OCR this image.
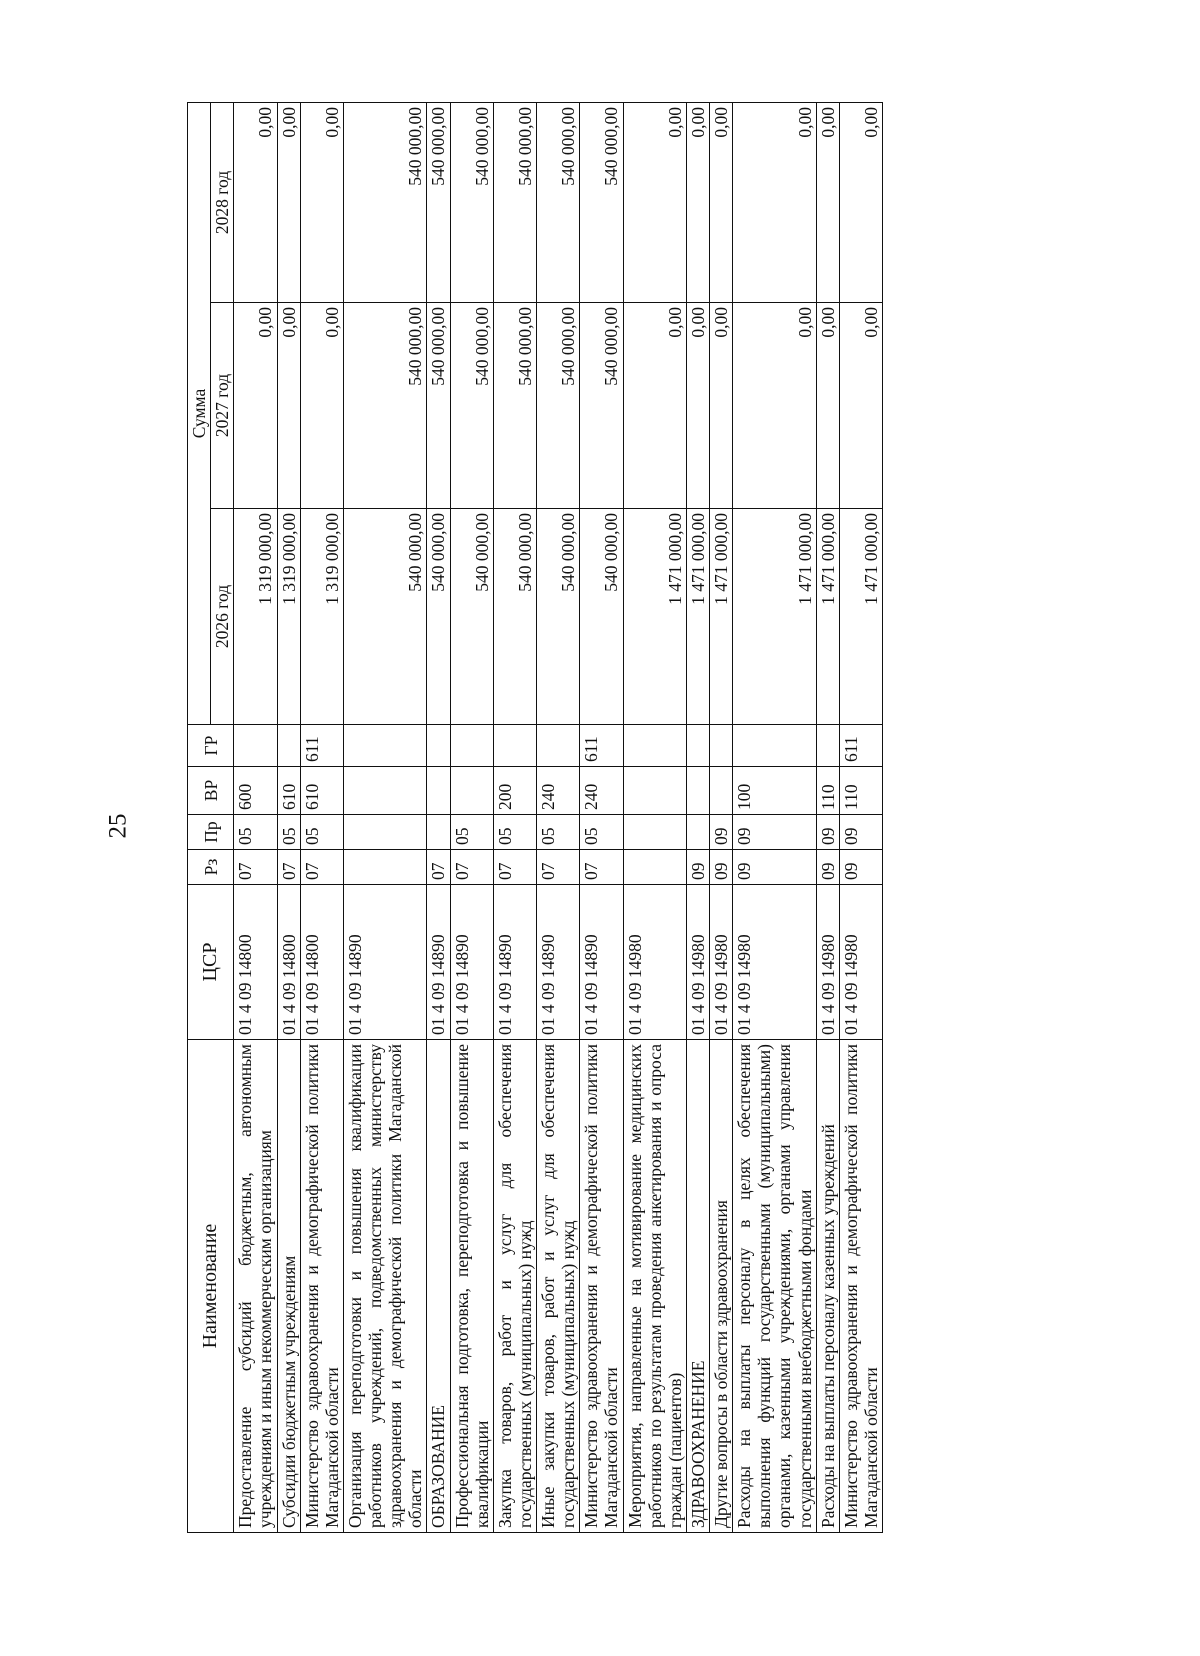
25
Наименование	ЦСР	Рз	Пр	ВР	ГР	Сумма		
						2026 год	2027 год	2028 год
Предоставление субсидий бюджетным, автономным учреждениям и иным некоммерческим организациям	01 4 09 14800	07	05	600		1 319 000,00	0,00	0,00
Субсидии бюджетным учреждениям	01 4 09 14800	07	05	610		1 319 000,00	0,00	0,00
Министерство здравоохранения и демографической политики Магаданской области	01 4 09 14800	07	05	610	611	1 319 000,00	0,00	0,00
Организация переподготовки и повышения квалификации работников учреждений, подведомственных министерству здравоохранения и демографической политики Магаданской области	01 4 09 14890					540 000,00	540 000,00	540 000,00
ОБРАЗОВАНИЕ	01 4 09 14890	07				540 000,00	540 000,00	540 000,00
Профессиональная подготовка, переподготовка и повышение квалификации	01 4 09 14890	07	05			540 000,00	540 000,00	540 000,00
Закупка товаров, работ и услуг для обеспечения государственных (муниципальных) нужд	01 4 09 14890	07	05	200		540 000,00	540 000,00	540 000,00
Иные закупки товаров, работ и услуг для обеспечения государственных (муниципальных) нужд	01 4 09 14890	07	05	240		540 000,00	540 000,00	540 000,00
Министерство здравоохранения и демографической политики Магаданской области	01 4 09 14890	07	05	240	611	540 000,00	540 000,00	540 000,00
Мероприятия, направленные на мотивирование медицинских работников по результатам проведения анкетирования и опроса граждан (пациентов)	01 4 09 14980					1 471 000,00	0,00	0,00
ЗДРАВООХРАНЕНИЕ	01 4 09 14980	09				1 471 000,00	0,00	0,00
Другие вопросы в области здравоохранения	01 4 09 14980	09	09			1 471 000,00	0,00	0,00
Расходы на выплаты персоналу в целях обеспечения выполнения функций государственными (муниципальными) органами, казенными учреждениями, органами управления государственными внебюджетными фондами	01 4 09 14980	09	09	100		1 471 000,00	0,00	0,00
Расходы на выплаты персоналу казенных учреждений	01 4 09 14980	09	09	110		1 471 000,00	0,00	0,00
Министерство здравоохранения и демографической политики Магаданской области	01 4 09 14980	09	09	110	611	1 471 000,00	0,00	0,00
